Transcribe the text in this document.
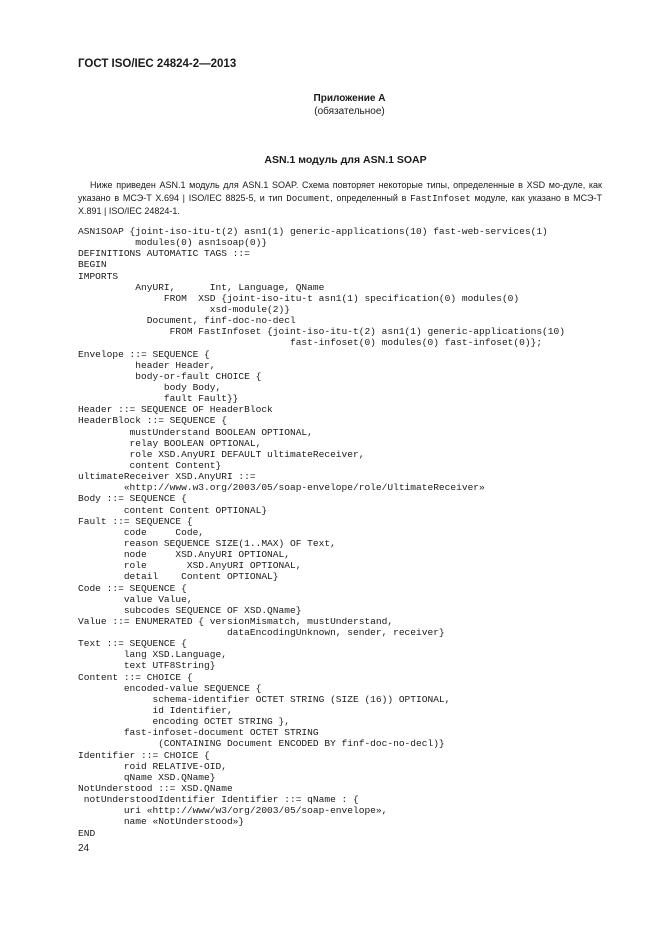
ГОСТ ISO/IEC 24824-2—2013
Приложение А
(обязательное)
ASN.1 модуль для ASN.1 SOAP

Ниже приведен ASN.1 модуль для ASN.1 SOAP. Схема повторяет некоторые типы, определенные в XSD мо-дуле, как указано в МСЭ-Т Х.694 | ISO/IEC 8825-5, и тип Document, определенный в FastInfoset модуле, как указано в МСЭ-Т Х.891 | ISO/IEC 24824-1.

ASN1SOAP {joint-iso-itu-t(2) asn1(1) generic-applications(10) fast-web-services(1)
modules(0) asn1soap(0)}
DEFINITIONS AUTOMATIC TAGS ::=
BEGIN
IMPORTS
AnyURI,      Int, Language, QName
FROM  XSD {joint-iso-itu-t asn1(1) specification(0) modules(0)
xsd-module(2)}
Document, finf-doc-no-decl
FROM FastInfoset {joint-iso-itu-t(2) asn1(1) generic-applications(10)
fast-infoset(0) modules(0) fast-infoset(0)};
Envelope ::= SEQUENCE {
header Header,
body-or-fault CHOICE {
body Body,
fault Fault}}
Header ::= SEQUENCE OF HeaderBlock
HeaderBlock ::= SEQUENCE {
mustUnderstand BOOLEAN OPTIONAL,
relay BOOLEAN OPTIONAL,
role XSD.AnyURI DEFAULT ultimateReceiver,
content Content}
ultimateReceiver XSD.AnyURI ::=
«http://www.w3.org/2003/05/soap-envelope/role/UltimateReceiver»
Body ::= SEQUENCE {
content Content OPTIONAL}
Fault ::= SEQUENCE {
code     Code,
reason SEQUENCE SIZE(1..MAX) OF Text,
node     XSD.AnyURI OPTIONAL,
role       XSD.AnyURI OPTIONAL,
detail    Content OPTIONAL}
Code ::= SEQUENCE {
value Value,
subcodes SEQUENCE OF XSD.QName}
Value ::= ENUMERATED { versionMismatch, mustUnderstand,
dataEncodingUnknown, sender, receiver}
Text ::= SEQUENCE {
lang XSD.Language,
text UTF8String}
Content ::= CHOICE {
encoded-value SEQUENCE {
schema-identifier OCTET STRING (SIZE (16)) OPTIONAL,
id Identifier,
encoding OCTET STRING },
fast-infoset-document OCTET STRING
(CONTAINING Document ENCODED BY finf-doc-no-decl)}
Identifier ::= CHOICE {
roid RELATIVE-OID,
qName XSD.QName}
NotUnderstood ::= XSD.QName
notUnderstoodIdentifier Identifier ::= qName : {
uri «http://www/w3/org/2003/05/soap-envelope»,
name «NotUnderstood»}
END
24
